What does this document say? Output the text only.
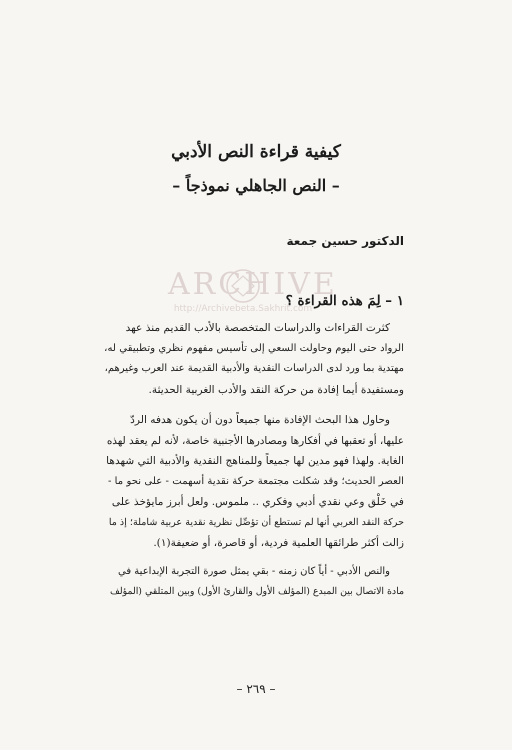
ARCHIVE
http://Archivebeta.Sakhrit.com
كيفية قراءة النص الأدبي
– النص الجاهلي نموذجاً –
الدكتور حسين جمعة
١ – لِمَ هذه القراءة ؟
كثرت القراءات والدراسات المتخصصة بالأدب القديم منذ عهد
الرواد حتى اليوم وحاولت السعي إلى تأسيس مفهوم نظري وتطبيقي له،
مهتدية بما ورد لدى الدراسات النقدية والأدبية القديمة عند العرب وغيرهم،
ومستفيدة أيما إفادة من حركة النقد والأدب الغربية الحديثة.
وحاول هذا البحث الإفادة منها جميعاً دون أن يكون هدفه الردّ
عليها، أو تعقبها في أفكارها ومصادرها الأجنبية خاصة، لأنه لم يعقد لهذه
الغاية. ولهذا فهو مدين لها جميعاً وللمناهج النقدية والأدبية التي شهدها
العصر الحديث؛ وقد شكلت مجتمعة حركة نقدية أسهمت - على نحو ما -
في خَلْق وعي نقدي أدبي وفكري .. ملموس. ولعل أبرز مايؤخذ على
حركة النقد العربي أنها لم تستطع أن تؤصِّل نظرية نقدية عربية شاملة؛ إذ ما
زالت أكثر طرائقها العلمية فردية، أو قاصرة، أو ضعيفة(١).
والنص الأدبي - أياً كان زمنه - بقي يمثل صورة التجربة الإبداعية في
مادة الاتصال بين المبدع (المؤلف الأول والقارئ الأول) وبين المتلقي (المؤلف
– ٢٦٩ –
